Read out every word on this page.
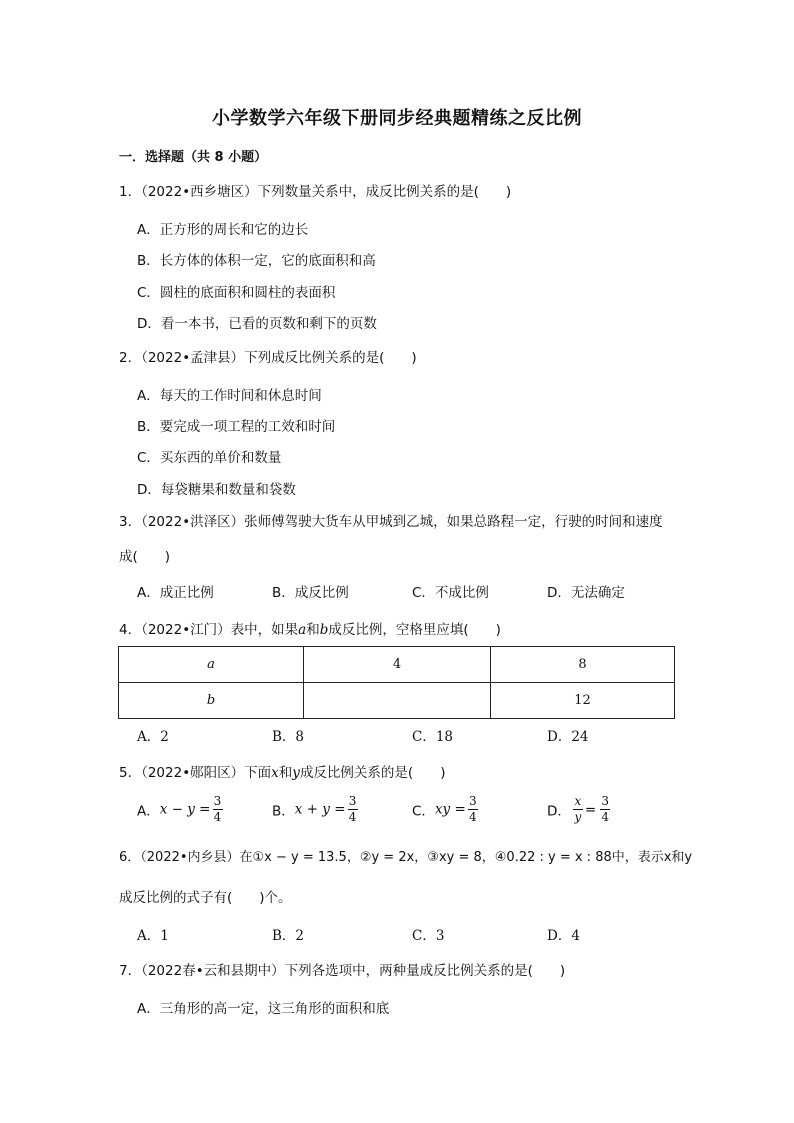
小学数学六年级下册同步经典题精练之反比例
一．选择题（共 8 小题）
1．（2022•西乡塘区）下列数量关系中，成反比例关系的是(　　)
A．正方形的周长和它的边长
B．长方体的体积一定，它的底面积和高
C．圆柱的底面积和圆柱的表面积
D．看一本书，已看的页数和剩下的页数
2．（2022•孟津县）下列成反比例关系的是(　　)
A．每天的工作时间和休息时间
B．要完成一项工程的工效和时间
C．买东西的单价和数量
D．每袋糖果和数量和袋数
3．（2022•洪泽区）张师傅驾驶大货车从甲城到乙城，如果总路程一定，行驶的时间和速度
成(　　)
A．成正比例	B．成反比例	C．不成比例	D．无法确定
4．（2022•江门）表中，如果a和b成反比例，空格里应填(　　)
a	4	8
b		12
A．2	B．8	C．18	D．24
5．（2022•郧阳区）下面x和y成反比例关系的是(　　)
A．$x - y = \frac{3}{4}$	B．$x + y = \frac{3}{4}$	C．xy = $\frac{3}{4}$	D． $\frac{x}{y} = \frac{3}{4}$
6．（2022•内乡县）在①x − y = 13.5，②y = 2x，③xy = 8，④0.22 : y = x : 88中，表示x和y
成反比例的式子有(　　)个。
A．1	B．2	C．3	D．4
7．（2022春•云和县期中）下列各选项中，两种量成反比例关系的是(　　)
A．三角形的高一定，这三角形的面积和底
